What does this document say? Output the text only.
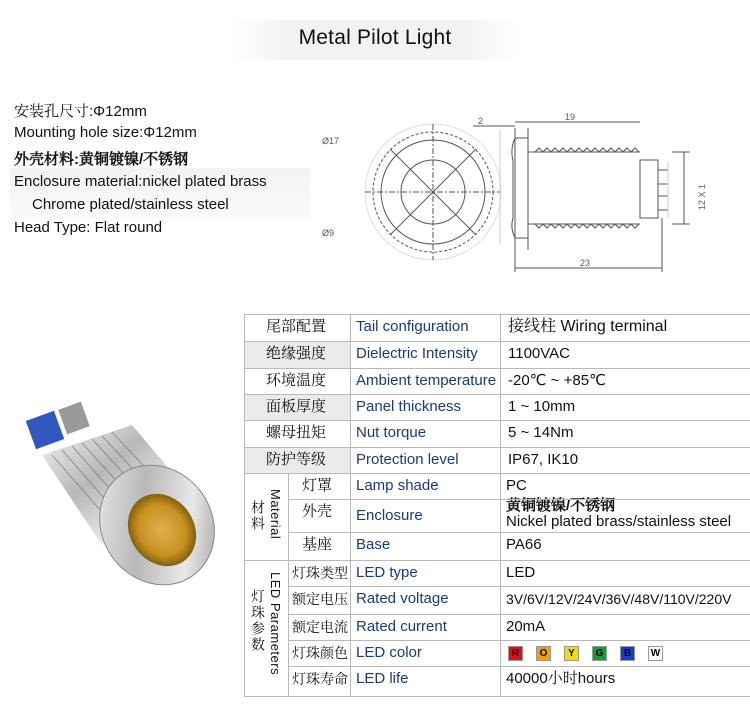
Metal Pilot Light
安装孔尺寸:Φ12mm
Mounting hole size:Φ12mm
外壳材料:黄铜镀镍/不锈钢
Enclosure material:nickel plated brass
Chrome plated/stainless steel
Head Type: Flat round
Ø17
Ø9
2	19
23
12 X 1
尾部配置 Tail configuration 接线柱 Wiring terminal
绝缘强度 Dielectric Intensity 1100VAC
环境温度 Ambient temperature -20℃ ~ +85℃
面板厚度 Panel thickness	1 ~ 10mm
螺母扭矩 Nut torque	5 ~ 14Nm
防护等级 Protection level	IP67, IK10
材料 Material
灯罩 Lamp shade	PC
外壳 Enclosure
黄铜镀镍/不锈钢
Nickel plated brass/stainless steel
基座 Base	PA66
灯珠参数 LED Parameters 灯珠类型 LED type	LED
额定电压 Rated voltage	3V/6V/12V/24V/36V/48V/110V/220V
额定电流 Rated current	20mA
灯珠颜色 LED color	R O Y G B W
灯珠寿命 LED life	40000小时hours
